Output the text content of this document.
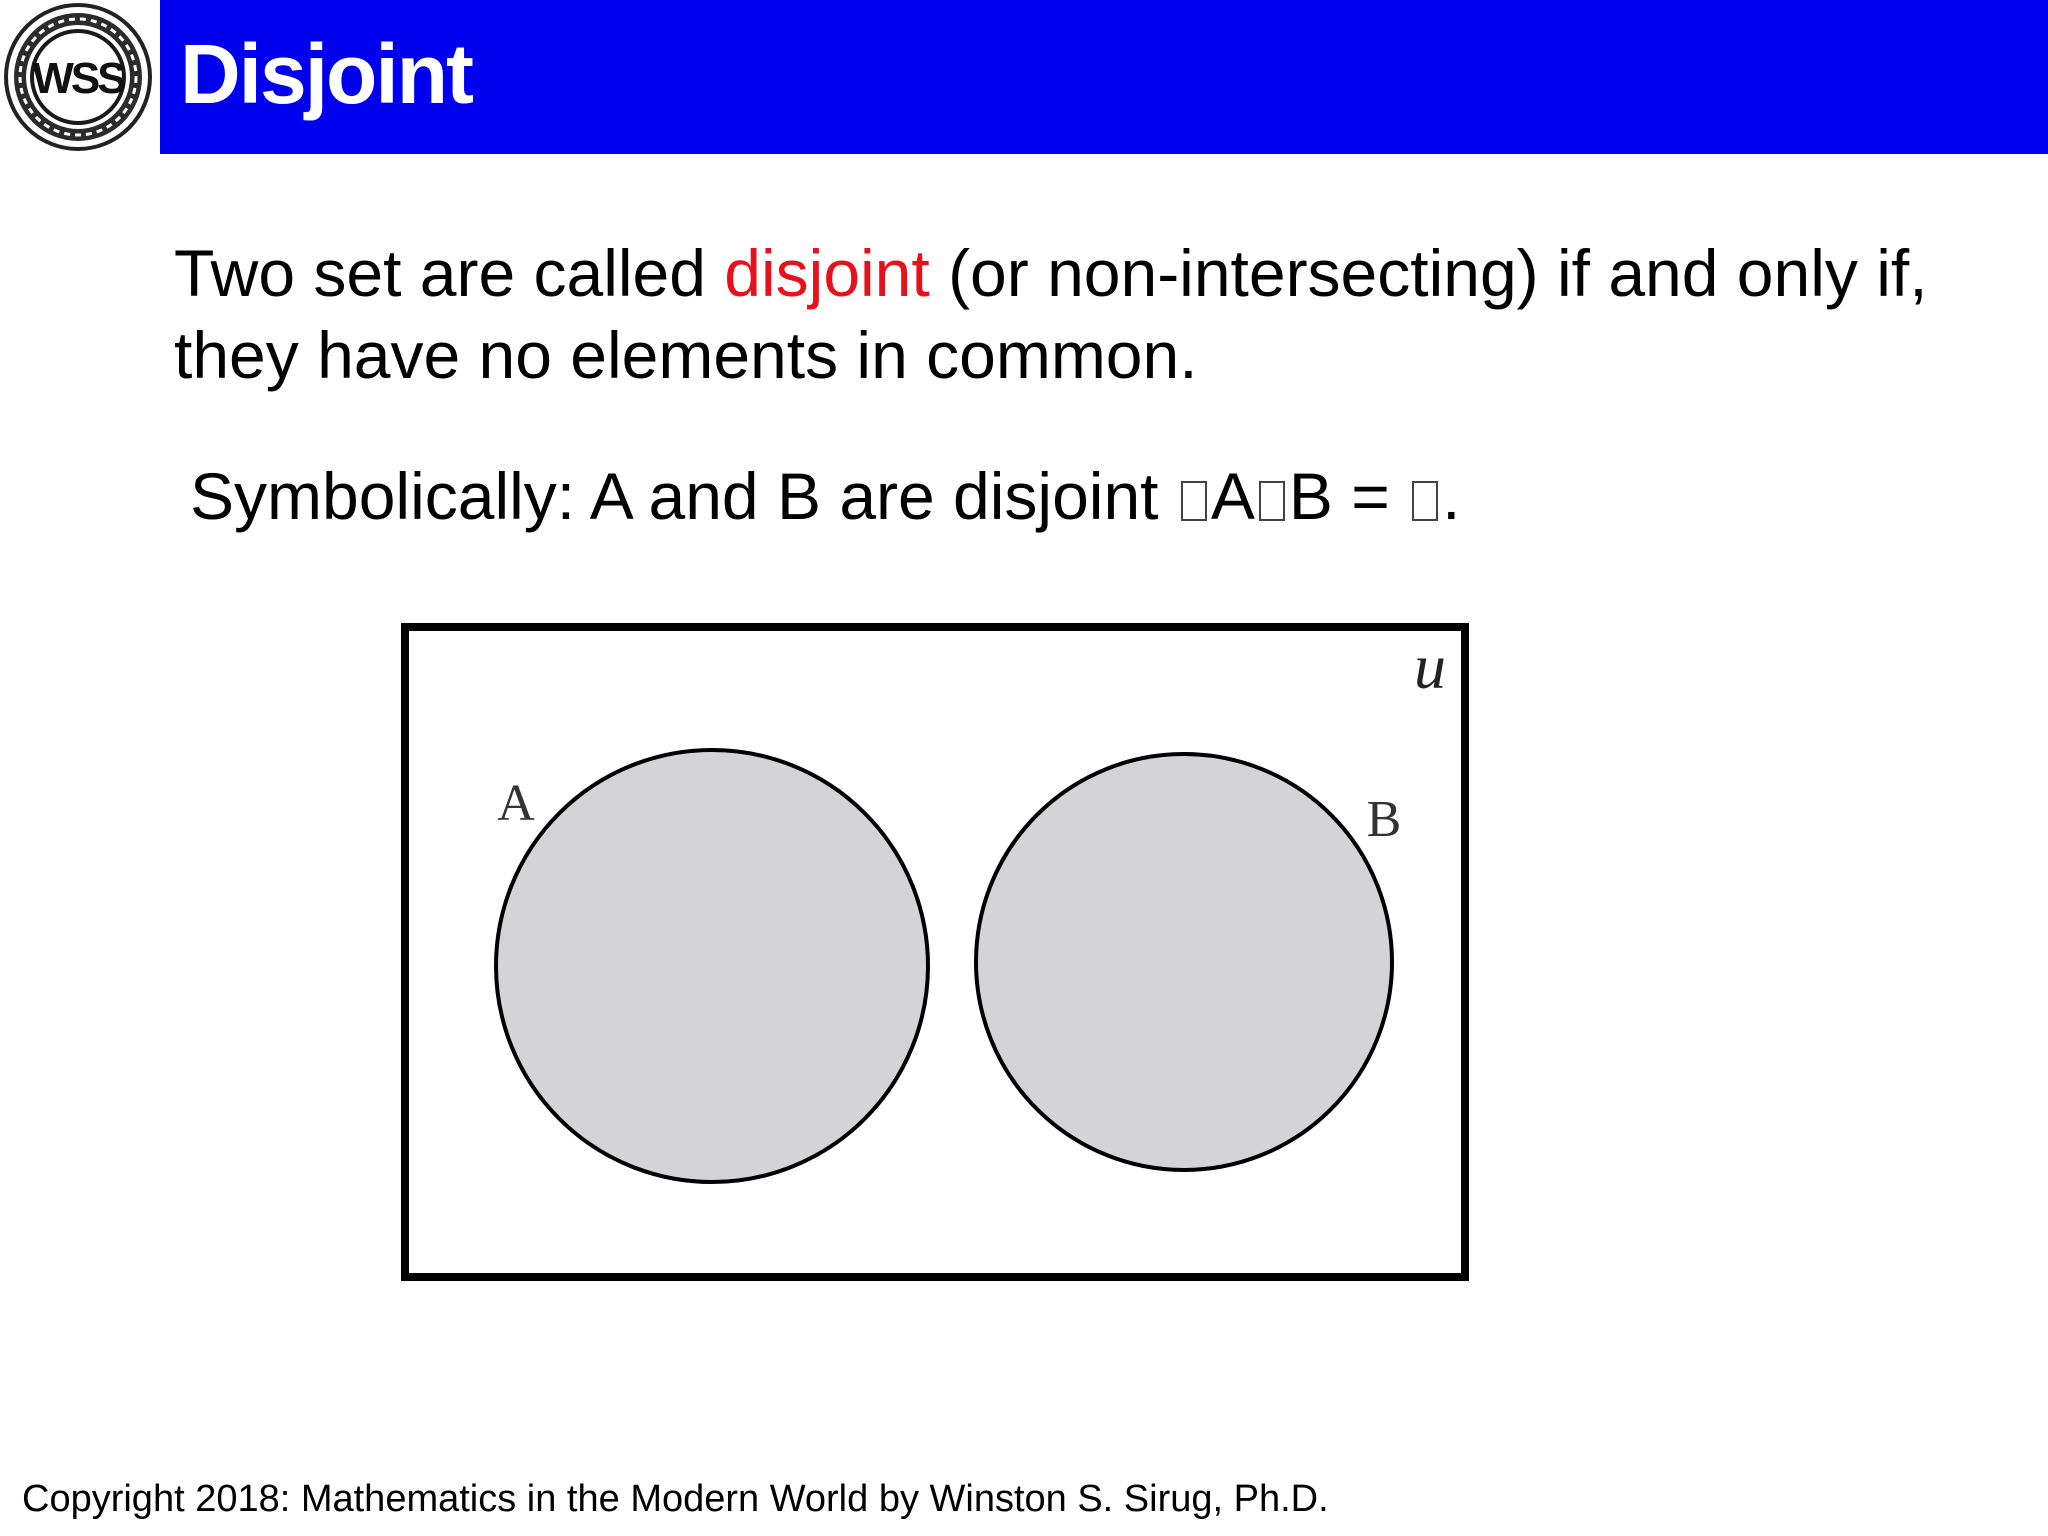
WSS Disjoint

Two set are called disjoint (or non-intersecting) if and only if, they have no elements in common.

Symbolically: A and B are disjoint A B = .

u
A	B
Copyright 2018: Mathematics in the Modern World by Winston S. Sirug, Ph.D.
